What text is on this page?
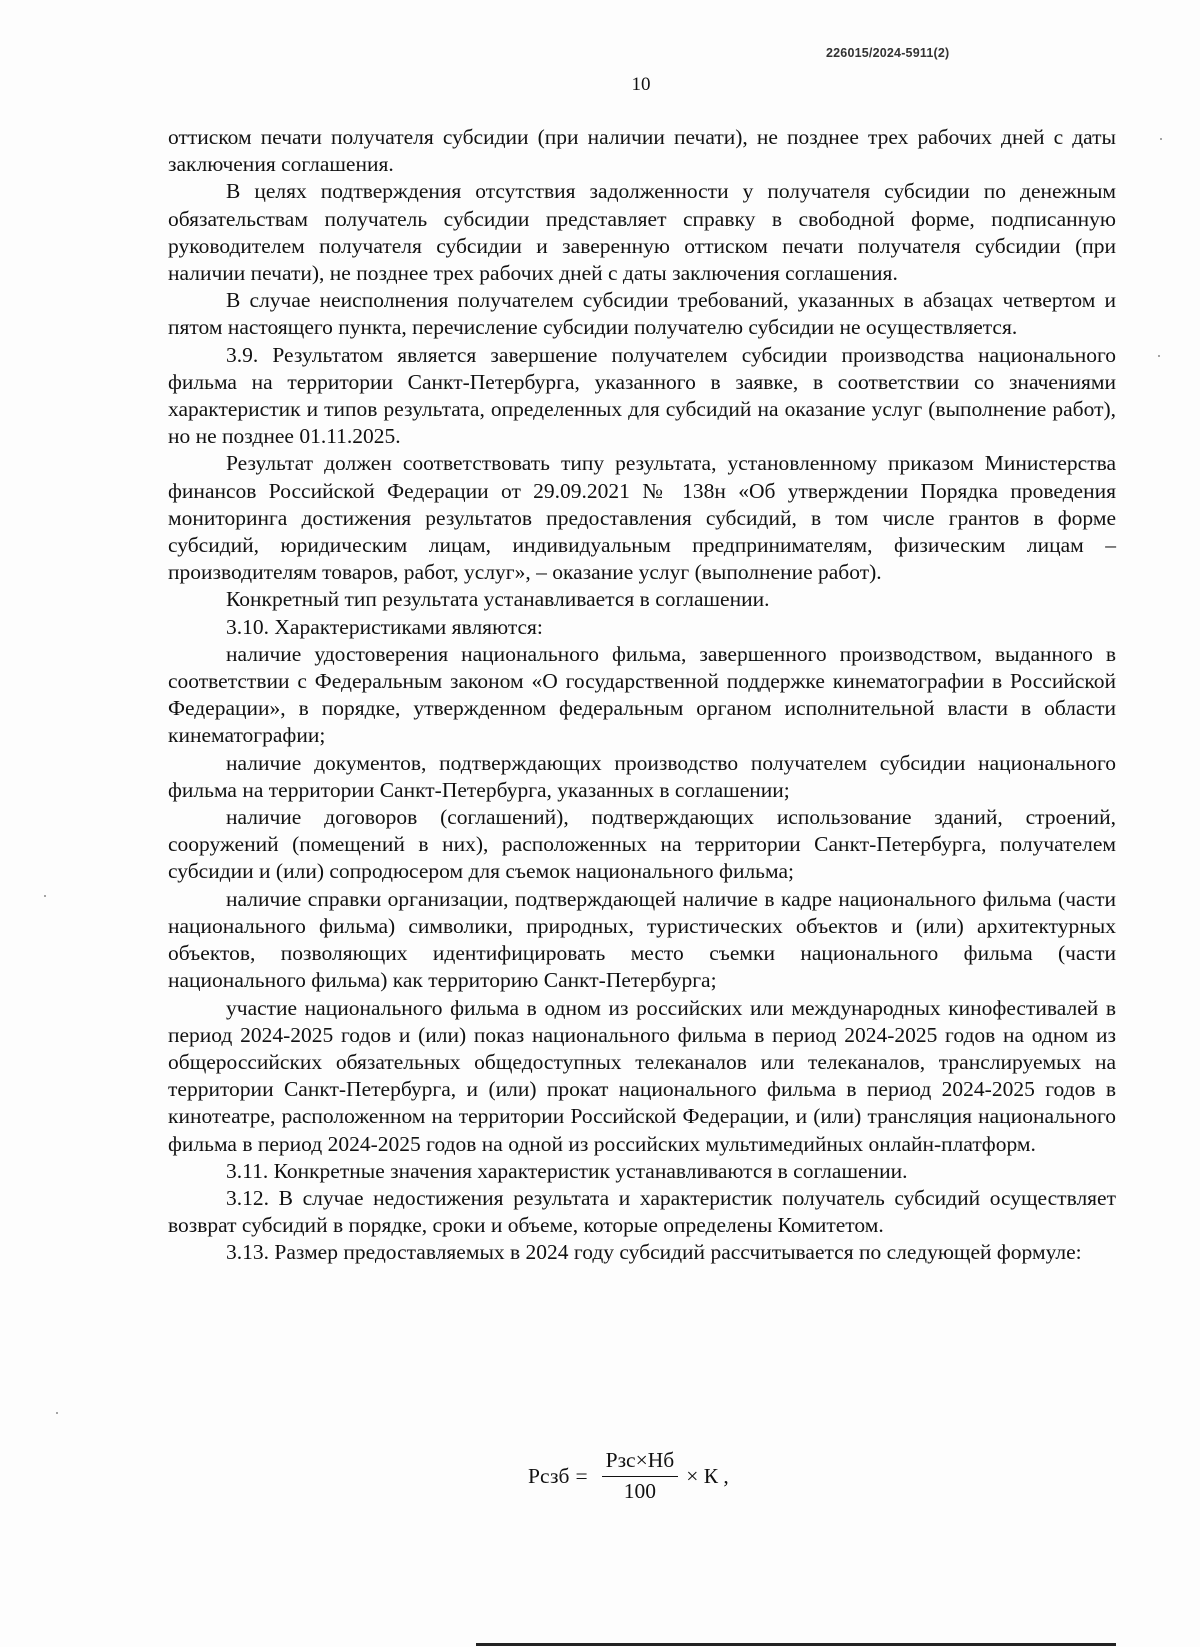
226015/2024-5911(2)
10

оттиском печати получателя субсидии (при наличии печати), не позднее трех рабочих дней с даты заключения соглашения.

В целях подтверждения отсутствия задолженности у получателя субсидии по денежным обязательствам получатель субсидии представляет справку в свободной форме, подписанную руководителем получателя субсидии и заверенную оттиском печати получателя субсидии (при наличии печати), не позднее трех рабочих дней с даты заключения соглашения.

В случае неисполнения получателем субсидии требований, указанных в абзацах четвертом и пятом настоящего пункта, перечисление субсидии получателю субсидии не осуществляется.

3.9. Результатом является завершение получателем субсидии производства национального фильма на территории Санкт-Петербурга, указанного в заявке, в соответствии со значениями характеристик и типов результата, определенных для субсидий на оказание услуг (выполнение работ), но не позднее 01.11.2025.

Результат должен соответствовать типу результата, установленному приказом Министерства финансов Российской Федерации от 29.09.2021 № 138н «Об утверждении Порядка проведения мониторинга достижения результатов предоставления субсидий, в том числе грантов в форме субсидий, юридическим лицам, индивидуальным предпринимателям, физическим лицам – производителям товаров, работ, услуг», – оказание услуг (выполнение работ).

Конкретный тип результата устанавливается в соглашении.

3.10. Характеристиками являются:

наличие удостоверения национального фильма, завершенного производством, выданного в соответствии с Федеральным законом «О государственной поддержке кинематографии в Российской Федерации», в порядке, утвержденном федеральным органом исполнительной власти в области кинематографии;

наличие документов, подтверждающих производство получателем субсидии национального фильма на территории Санкт-Петербурга, указанных в соглашении;

наличие договоров (соглашений), подтверждающих использование зданий, строений, сооружений (помещений в них), расположенных на территории Санкт-Петербурга, получателем субсидии и (или) сопродюсером для съемок национального фильма;

наличие справки организации, подтверждающей наличие в кадре национального фильма (части национального фильма) символики, природных, туристических объектов и (или) архитектурных объектов, позволяющих идентифицировать место съемки национального фильма (части национального фильма) как территорию Санкт-Петербурга;

участие национального фильма в одном из российских или международных кинофестивалей в период 2024-2025 годов и (или) показ национального фильма в период 2024-2025 годов на одном из общероссийских обязательных общедоступных телеканалов или телеканалов, транслируемых на территории Санкт-Петербурга, и (или) прокат национального фильма в период 2024-2025 годов в кинотеатре, расположенном на территории Российской Федерации, и (или) трансляция национального фильма в период 2024-2025 годов на одной из российских мультимедийных онлайн-платформ.

3.11. Конкретные значения характеристик устанавливаются в соглашении.

3.12. В случае недостижения результата и характеристик получатель субсидий осуществляет возврат субсидий в порядке, сроки и объеме, которые определены Комитетом.

3.13. Размер предоставляемых в 2024 году субсидий рассчитывается по следующей формуле:

Рсзб = $\frac{\text{Рзс×Нб}}{100} \times К$ ,
